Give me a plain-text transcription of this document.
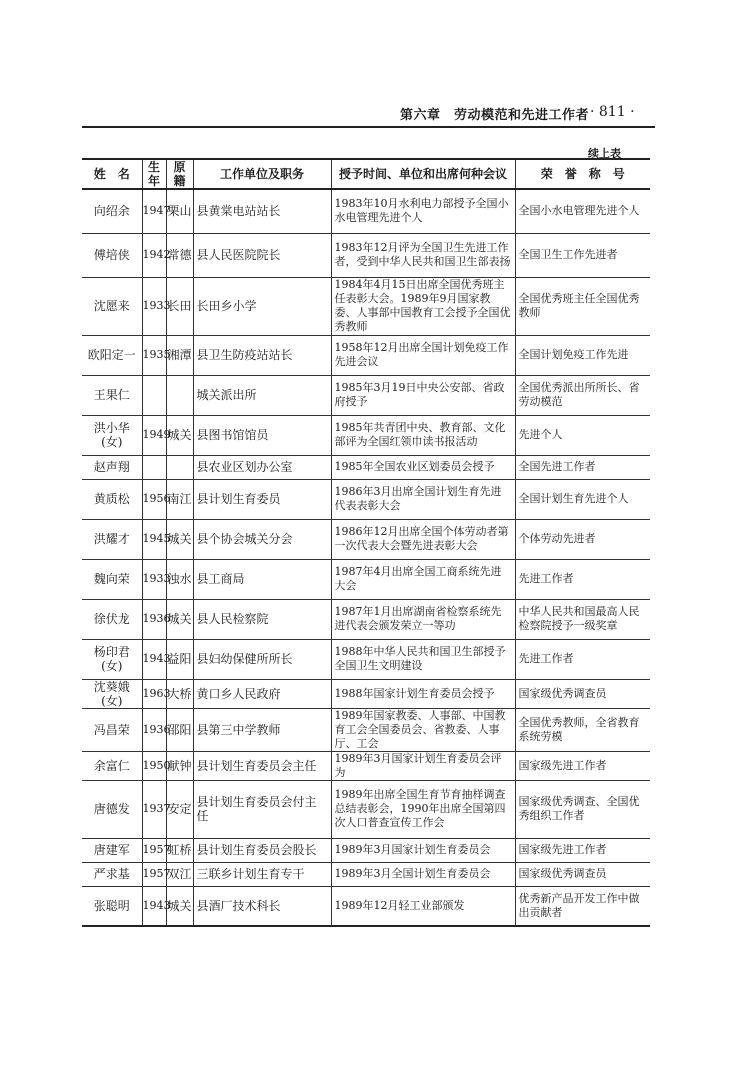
第六章　劳动模范和先进工作者 · 811 ·
续上表
姓　名	生年	原籍	工作单位及职务	授予时间、单位和出席何种会议	荣　誉　称　号
向绍余	1947	栗山	县黄棠电站站长	1983年10月水利电力部授予全国小水电管理先进个人	全国小水电管理先进个人
傅培侠	1942	常德	县人民医院院长	1983年12月评为全国卫生先进工作者，受到中华人民共和国卫生部表扬	全国卫生工作先进者
沈愿来	1933	长田	长田乡小学	1984年4月15日出席全国优秀班主任表彰大会。1989年9月国家教委、人事部中国教育工会授予全国优秀教师	全国优秀班主任全国优秀教师
欧阳定一	1935	湘潭	县卫生防疫站站长	1958年12月出席全国计划免疫工作先进会议	全国计划免疫工作先进
王果仁			城关派出所	1985年3月19日中央公安部、省政府授予	全国优秀派出所所长、省劳动模范
洪小华(女)	1949	城关	县图书馆馆员	1985年共青团中央、教育部、文化部评为全国红领巾读书报活动	先进个人
赵声翔			县农业区划办公室	1985年全国农业区划委员会授予	全国先进工作者
黄质松	1956	南江	县计划生育委员	1986年3月出席全国计划生育先进代表表彰大会	全国计划生育先进个人
洪耀才	1945	城关	县个协会城关分会	1986年12月出席全国个体劳动者第一次代表大会暨先进表彰大会	个体劳动先进者
魏向荣	1933	浊水	县工商局	1987年4月出席全国工商系统先进大会	先进工作者
徐伏龙	1936	城关	县人民检察院	1987年1月出席湖南省检察系统先进代表会颁发荣立一等功	中华人民共和国最高人民检察院授予一级奖章
杨印君(女)	1943	益阳	县妇幼保健所所长	1988年中华人民共和国卫生部授予全国卫生文明建设	先进工作者
沈葵娥(女)	1963	大桥	黄口乡人民政府	1988年国家计划生育委员会授予	国家级优秀调查员
冯昌荣	1936	邵阳	县第三中学教师	1989年国家教委、人事部、中国教育工会全国委员会、省教委、人事厅、工会	全国优秀教师，全省教育系统劳模
余富仁	1950	献钟	县计划生育委员会主任	1989年3月国家计划生育委员会评为	国家级先进工作者
唐德发	1937	安定	县计划生育委员会付主任	1989年出席全国生育节育抽样调查总结表彰会，1990年出席全国第四次人口普查宣传工作会	国家级优秀调查、全国优秀组织工作者
唐建军	1957	虹桥	县计划生育委员会股长	1989年3月国家计划生育委员会	国家级先进工作者
严求基	1957	双江	三联乡计划生育专干	1989年3月全国计划生育委员会	国家级优秀调查员
张聪明	1943	城关	县酒厂技术科长	1989年12月轻工业部颁发	优秀新产品开发工作中做出贡献者
